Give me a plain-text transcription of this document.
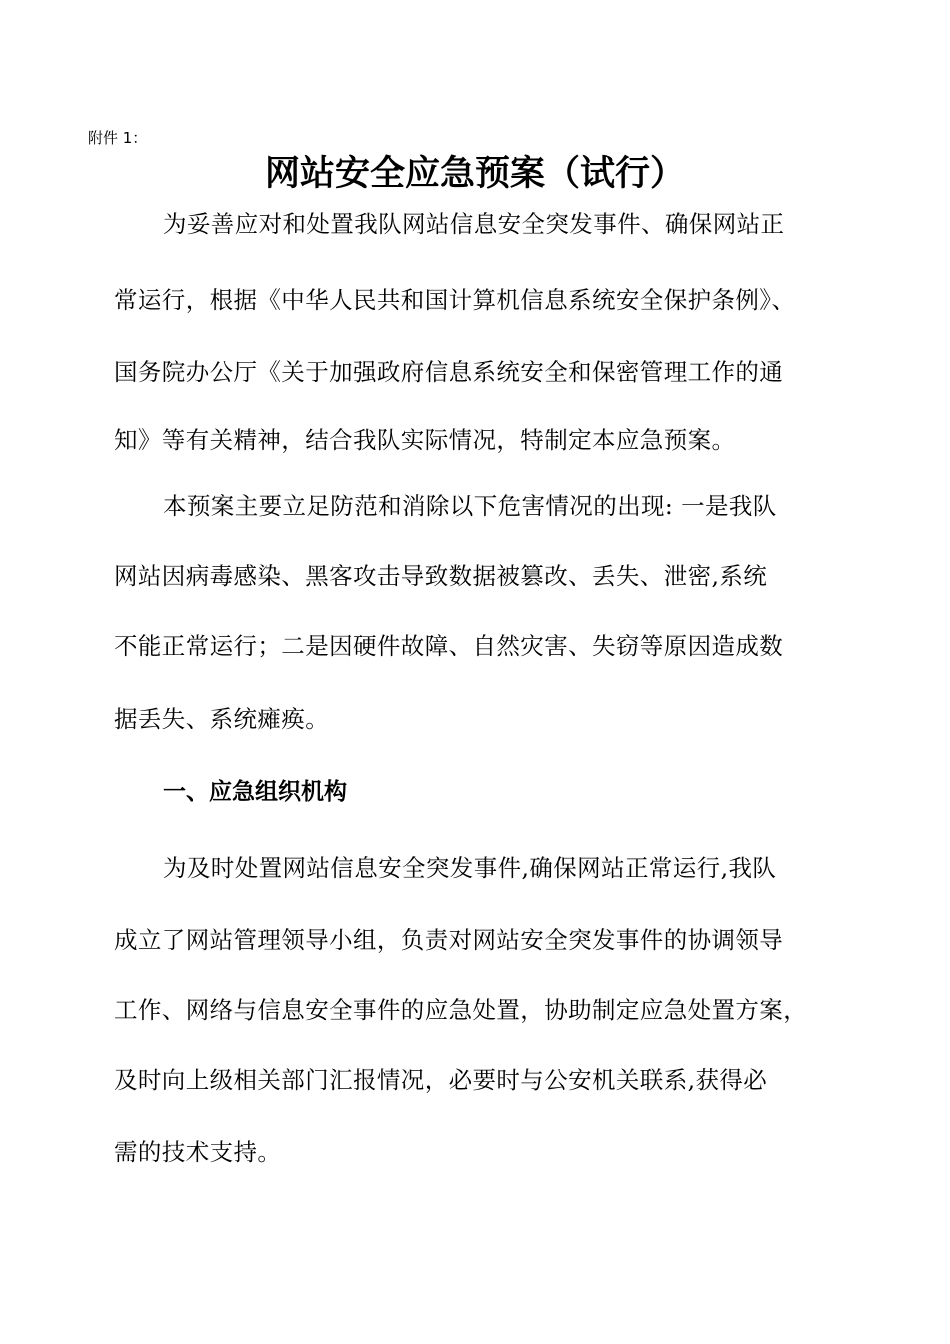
附件 1：
网站安全应急预案（试行）
为妥善应对和处置我队网站信息安全突发事件、确保网站正
常运行，根据《中华人民共和国计算机信息系统安全保护条例》、
国务院办公厅《关于加强政府信息系统安全和保密管理工作的通
知》等有关精神，结合我队实际情况，特制定本应急预案。
本预案主要立足防范和消除以下危害情况的出现: 一是我队
网站因病毒感染、黑客攻击导致数据被篡改、丢失、泄密,系统
不能正常运行；二是因硬件故障、自然灾害、失窃等原因造成数
据丢失、系统瘫痪。
一、应急组织机构
为及时处置网站信息安全突发事件,确保网站正常运行,我队
成立了网站管理领导小组，负责对网站安全突发事件的协调领导
工作、网络与信息安全事件的应急处置，协助制定应急处置方案，
及时向上级相关部门汇报情况，必要时与公安机关联系,获得必
需的技术支持。
